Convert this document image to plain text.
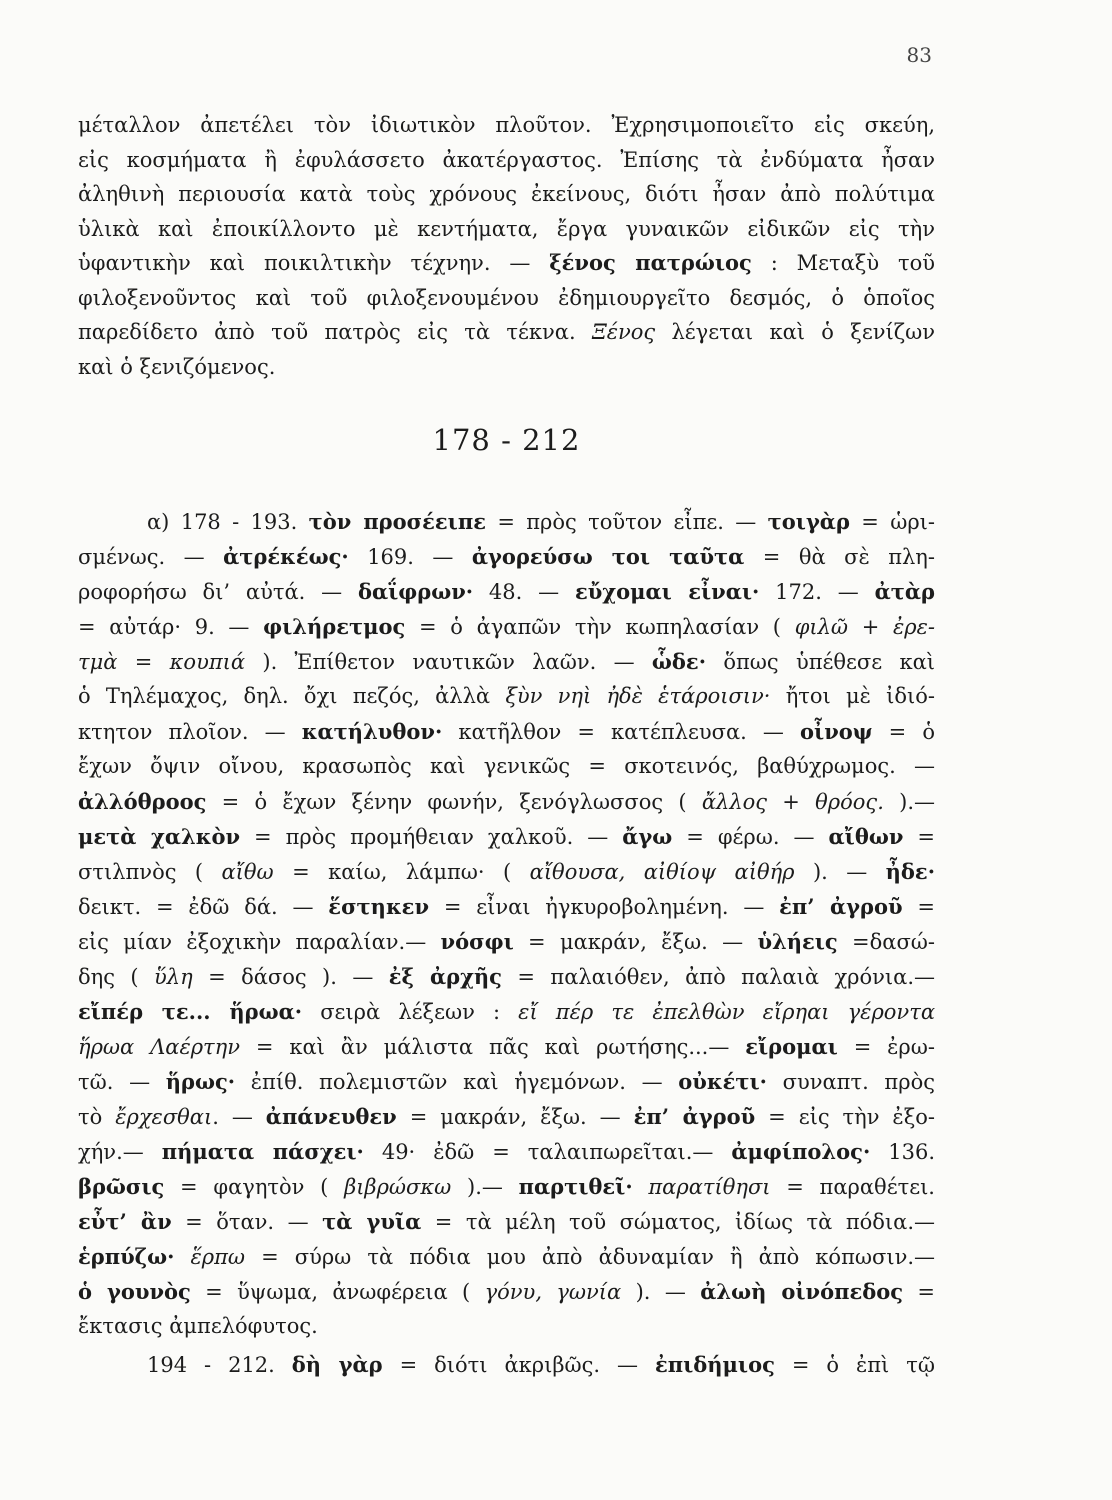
83
μέταλλον ἀπετέλει τὸν ἰδιωτικὸν πλοῦτον. Ἐχρησιμοποιεῖτο εἰς σκεύη,
εἰς κοσμήματα ἢ ἐφυλάσσετο ἀκατέργαστος. Ἐπίσης τὰ ἐνδύματα ἦσαν
ἀληθινὴ περιουσία κατὰ τοὺς χρόνους ἐκείνους, διότι ἦσαν ἀπὸ πολύτιμα
ὑλικὰ καὶ ἐποικίλλοντο μὲ κεντήματα, ἔργα γυναικῶν εἰδικῶν εἰς τὴν
ὑφαντικὴν καὶ ποικιλτικὴν τέχνην. — ξένος πατρώιος : Μεταξὺ τοῦ
φιλοξενοῦντος καὶ τοῦ φιλοξενουμένου ἐδημιουργεῖτο δεσμός, ὁ ὁποῖος
παρεδίδετο ἀπὸ τοῦ πατρὸς εἰς τὰ τέκνα. Ξένος λέγεται καὶ ὁ ξενίζων
καὶ ὁ ξενιζόμενος.
178 - 212
α) 178 - 193. τὸν προσέειπε = πρὸς τοῦτον εἶπε. — τοιγὰρ = ὡρι-
σμένως. — ἀτρέκέως· 169. — ἀγορεύσω τοι ταῦτα = θὰ σὲ πλη-
ροφορήσω δι’ αὐτά. — δαΐφρων· 48. — εὔχομαι εἶναι· 172. — ἀτὰρ
= αὐτάρ· 9. — φιλήρετμος = ὁ ἀγαπῶν τὴν κωπηλασίαν ( φιλῶ + ἐρε-
τμὰ = κουπιά ). Ἐπίθετον ναυτικῶν λαῶν. — ὧδε· ὅπως ὑπέθεσε καὶ
ὁ Τηλέμαχος, δηλ. ὄχι πεζός, ἀλλὰ ξὺν νηὶ ἠδὲ ἑτάροισιν· ἤτοι μὲ ἰδιό-
κτητον πλοῖον. — κατήλυθον· κατῆλθον = κατέπλευσα. — οἶνοψ = ὁ
ἔχων ὄψιν οἴνου, κρασωπὸς καὶ γενικῶς = σκοτεινός, βαθύχρωμος. —
ἀλλόθροος = ὁ ἔχων ξένην φωνήν, ξενόγλωσσος ( ἄλλος + θρόος. ).—
μετὰ χαλκὸν = πρὸς προμήθειαν χαλκοῦ. — ἄγω = φέρω. — αἴθων =
στιλπνὸς ( αἴθω = καίω, λάμπω· ( αἴθουσα, αἰθίοψ αἰθήρ ). — ἦδε·
δεικτ. = ἐδῶ δά. — ἕστηκεν = εἶναι ἠγκυροβολημένη. — ἐπ’ ἀγροῦ =
εἰς μίαν ἐξοχικὴν παραλίαν.— νόσφι = μακράν, ἔξω. — ὑλήεις =δασώ-
δης ( ὕλη = δάσος ). — ἐξ ἀρχῆς = παλαιόθεν, ἀπὸ παλαιὰ χρόνια.—
εἴπέρ τε... ἥρωα· σειρὰ λέξεων : εἴ πέρ τε ἐπελθὼν εἴρηαι γέροντα
ἥρωα Λαέρτην = καὶ ἂν μάλιστα πᾶς καὶ ρωτήσης...— εἴρομαι = ἐρω-
τῶ. — ἥρως· ἐπίθ. πολεμιστῶν καὶ ἡγεμόνων. — οὐκέτι· συναπτ. πρὸς
τὸ ἔρχεσθαι. — ἀπάνευθεν = μακράν, ἔξω. — ἐπ’ ἀγροῦ = εἰς τὴν ἐξο-
χήν.— πήματα πάσχει· 49· ἐδῶ = ταλαιπωρεῖται.— ἀμφίπολος· 136.
βρῶσις = φαγητὸν ( βιβρώσκω ).— παρτιθεῖ· παρατίθησι = παραθέτει.
εὖτ’ ἂν = ὅταν. — τὰ γυῖα = τὰ μέλη τοῦ σώματος, ἰδίως τὰ πόδια.—
ἑρπύζω· ἕρπω = σύρω τὰ πόδια μου ἀπὸ ἀδυναμίαν ἢ ἀπὸ κόπωσιν.—
ὁ γουνὸς = ὕψωμα, ἀνωφέρεια ( γόνυ, γωνία ). — ἀλωὴ οἰνόπεδος =
ἔκτασις ἀμπελόφυτος.
194 - 212. δὴ γὰρ = διότι ἀκριβῶς. — ἐπιδήμιος = ὁ ἐπὶ τῷ
